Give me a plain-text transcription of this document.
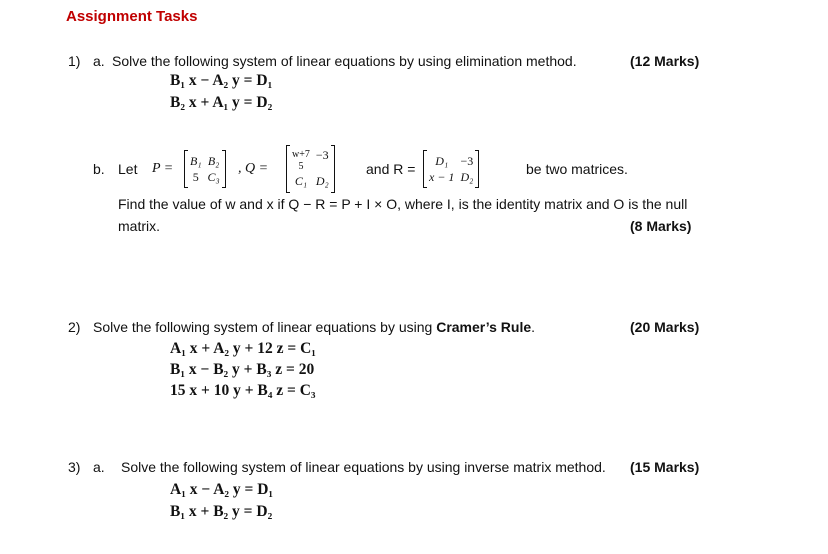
Assignment Tasks
1) a. Solve the following system of linear equations by using elimination method.	(12 Marks)
B₁ x − A₂ y = D₁
B₂ x + A₁ y = D₂
b. Let P = B₁ B₂
5 C₃
, Q =
w+7 −3
5
C₁ D₂
and R =	D₁	−3
x − 1 D₂	be two matrices.
Find the value of w and x if Q − R = P + I × O, where I, is the identity matrix and O is the null
matrix.	(8 Marks)
2) Solve the following system of linear equations by using Cramer’s Rule.	(20 Marks)
A₁ x + A₂ y + 12 z = C₁
B₁ x − B₂ y + B₃ z = 20
15 x + 10 y + B₄ z = C₃
3) a. Solve the following system of linear equations by using inverse matrix method. (15 Marks)
A₁ x − A₂ y = D₁
B₁ x + B₂ y = D₂
